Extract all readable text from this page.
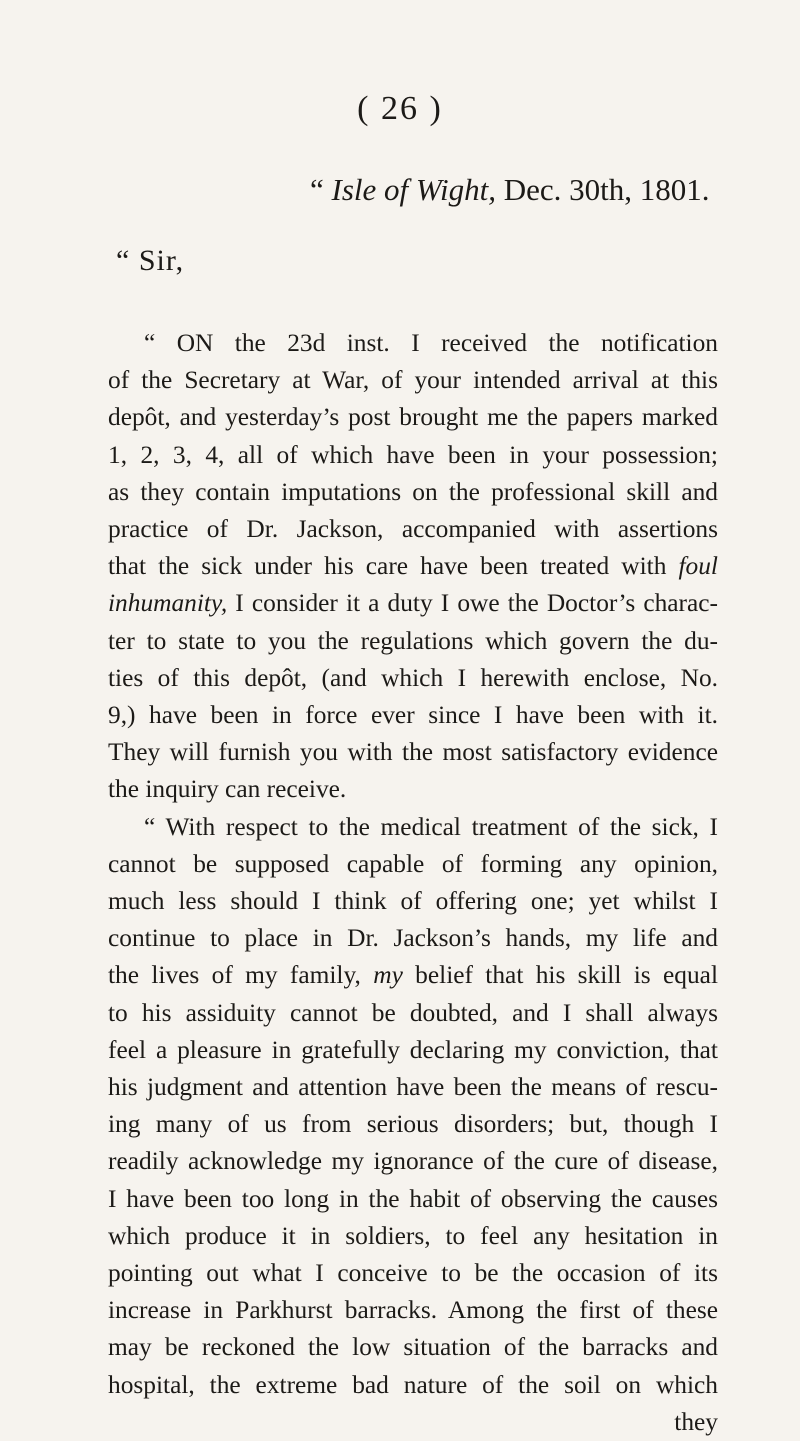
( 26 )
“ Isle of Wight, Dec. 30th, 1801.
“ Sir,
“ ON the 23d inst. I received the notification
of the Secretary at War, of your intended arrival at this
depôt, and yesterday’s post brought me the papers marked
1, 2, 3, 4, all of which have been in your possession;
as they contain imputations on the professional skill and
practice of Dr. Jackson, accompanied with assertions
that the sick under his care have been treated with foul
inhumanity, I consider it a duty I owe the Doctor’s charac-
ter to state to you the regulations which govern the du-
ties of this depôt, (and which I herewith enclose, No.
9,) have been in force ever since I have been with it.
They will furnish you with the most satisfactory evidence
the inquiry can receive.
“ With respect to the medical treatment of the sick, I
cannot be supposed capable of forming any opinion,
much less should I think of offering one; yet whilst I
continue to place in Dr. Jackson’s hands, my life and
the lives of my family, my belief that his skill is equal
to his assiduity cannot be doubted, and I shall always
feel a pleasure in gratefully declaring my conviction, that
his judgment and attention have been the means of rescu-
ing many of us from serious disorders; but, though I
readily acknowledge my ignorance of the cure of disease,
I have been too long in the habit of observing the causes
which produce it in soldiers, to feel any hesitation in
pointing out what I conceive to be the occasion of its
increase in Parkhurst barracks. Among the first of these
may be reckoned the low situation of the barracks and
hospital, the extreme bad nature of the soil on which
they
